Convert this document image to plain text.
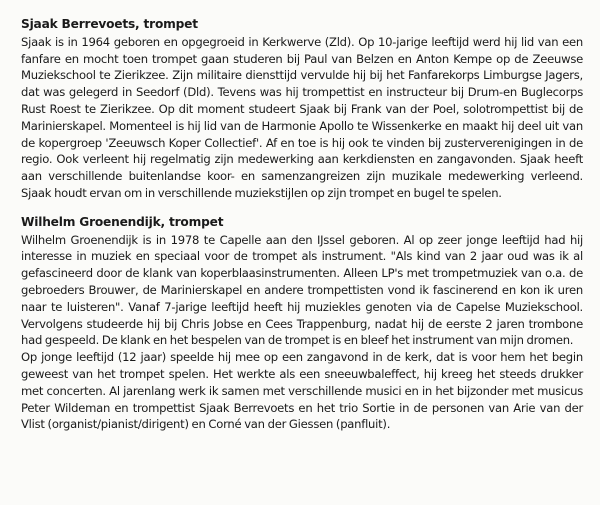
Sjaak Berrevoets, trompet

Sjaak is in 1964 geboren en opgegroeid in Kerkwerve (Zld). Op 10-jarige leeftijd werd hij lid van een fanfare en mocht toen trompet gaan studeren bij Paul van Belzen en Anton Kempe op de Zeeuwse Muziekschool te Zierikzee. Zijn militaire diensttijd vervulde hij bij het Fanfarekorps Limburgse Jagers, dat was gelegerd in Seedorf (Dld). Tevens was hij trompettist en instructeur bij Drum-en Buglecorps Rust Roest te Zierikzee. Op dit moment studeert Sjaak bij Frank van der Poel, solotrompettist bij de Marinierskapel. Momenteel is hij lid van de Harmonie Apollo te Wissenkerke en maakt hij deel uit van de kopergroep 'Zeeuwsch Koper Collectief'. Af en toe is hij ook te vinden bij zusterverenigingen in de regio. Ook verleent hij regelmatig zijn medewerking aan kerkdiensten en zangavonden. Sjaak heeft aan verschillende buitenlandse koor- en samenzangreizen zijn muzikale medewerking verleend. Sjaak houdt ervan om in verschillende muziekstijlen op zijn trompet en bugel te spelen.

Wilhelm Groenendijk, trompet

Wilhelm Groenendijk is in 1978 te Capelle aan den IJssel geboren. Al op zeer jonge leeftijd had hij interesse in muziek en speciaal voor de trompet als instrument. "Als kind van 2 jaar oud was ik al gefascineerd door de klank van koperblaasinstrumenten. Alleen LP's met trompetmuziek van o.a. de gebroeders Brouwer, de Marinierskapel en andere trompettisten vond ik fascinerend en kon ik uren naar te luisteren". Vanaf 7-jarige leeftijd heeft hij muziekles genoten via de Capelse Muziekschool. Vervolgens studeerde hij bij Chris Jobse en Cees Trappenburg, nadat hij de eerste 2 jaren trombone had gespeeld. De klank en het bespelen van de trompet is en bleef het instrument van mijn dromen.

Op jonge leeftijd (12 jaar) speelde hij mee op een zangavond in de kerk, dat is voor hem het begin geweest van het trompet spelen. Het werkte als een sneeuwbaleffect, hij kreeg het steeds drukker met concerten. Al jarenlang werk ik samen met verschillende musici en in het bijzonder met musicus Peter Wildeman en trompettist Sjaak Berrevoets en het trio Sortie in de personen van Arie van der Vlist (organist/pianist/dirigent) en Corné van der Giessen (panfluit).
